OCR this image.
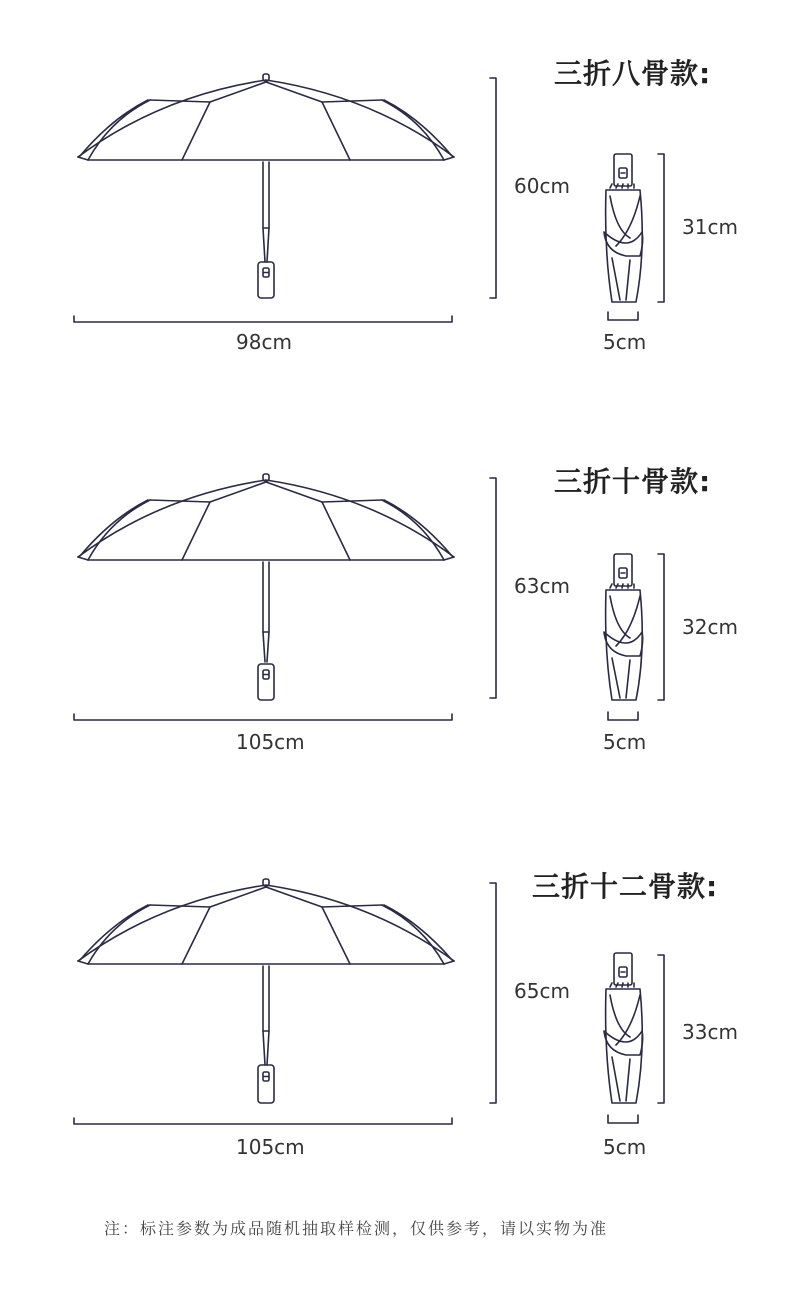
三折八骨款:
60cm
98cm
31cm
5cm
三折十骨款:
63cm
105cm
32cm
5cm
三折十二骨款:
65cm
105cm
33cm
5cm
注：标注参数为成品随机抽取样检测，仅供参考，请以实物为准
